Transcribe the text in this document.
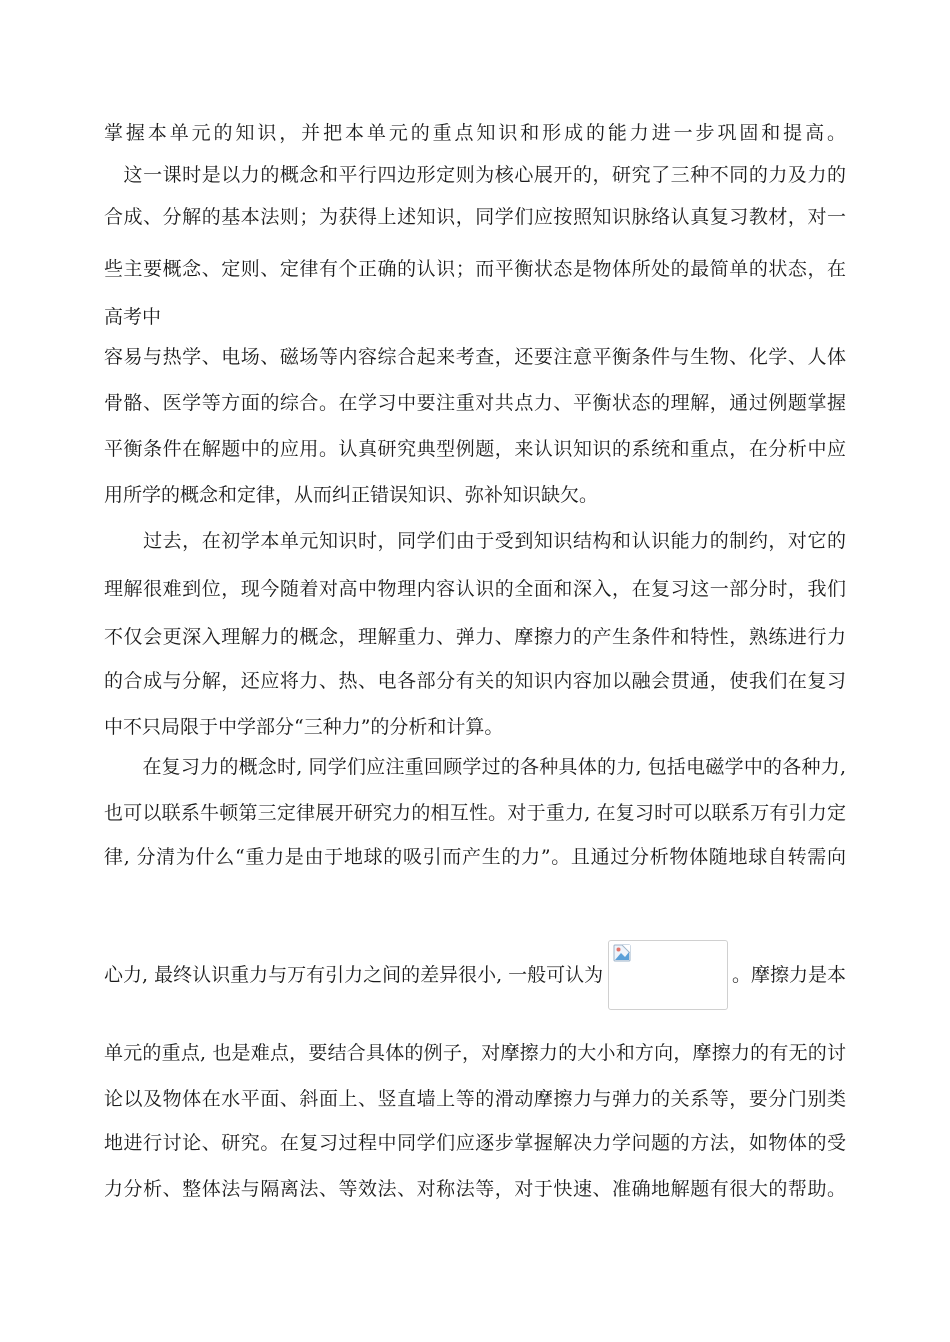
掌握本单元的知识，并把本单元的重点知识和形成的能力进一步巩固和提高。
　这一课时是以力的概念和平行四边形定则为核心展开的，研究了三种不同的力及力的
合成、分解的基本法则；为获得上述知识，同学们应按照知识脉络认真复习教材，对一
些主要概念、定则、定律有个正确的认识；而平衡状态是物体所处的最简单的状态，在
高考中
容易与热学、电场、磁场等内容综合起来考查，还要注意平衡条件与生物、化学、人体
骨骼、医学等方面的综合。在学习中要注重对共点力、平衡状态的理解，通过例题掌握
平衡条件在解题中的应用。认真研究典型例题，来认识知识的系统和重点，在分析中应
用所学的概念和定律，从而纠正错误知识、弥补知识缺欠。
　　过去，在初学本单元知识时，同学们由于受到知识结构和认识能力的制约，对它的
理解很难到位，现今随着对高中物理内容认识的全面和深入，在复习这一部分时，我们
不仅会更深入理解力的概念，理解重力、弹力、摩擦力的产生条件和特性，熟练进行力
的合成与分解，还应将力、热、电各部分有关的知识内容加以融会贯通，使我们在复习
中不只局限于中学部分“三种力”的分析和计算。
　　在复习力的概念时, 同学们应注重回顾学过的各种具体的力, 包括电磁学中的各种力,
也可以联系牛顿第三定律展开研究力的相互性。对于重力, 在复习时可以联系万有引力定
律, 分清为什么“重力是由于地球的吸引而产生的力”。且通过分析物体随地球自转需向
心力, 最终认识重力与万有引力之间的差异很小, 一般可认为	。摩擦力是本
单元的重点, 也是难点，要结合具体的例子，对摩擦力的大小和方向，摩擦力的有无的讨
论以及物体在水平面、斜面上、竖直墙上等的滑动摩擦力与弹力的关系等，要分门别类
地进行讨论、研究。在复习过程中同学们应逐步掌握解决力学问题的方法，如物体的受
力分析、整体法与隔离法、等效法、对称法等，对于快速、准确地解题有很大的帮助。
